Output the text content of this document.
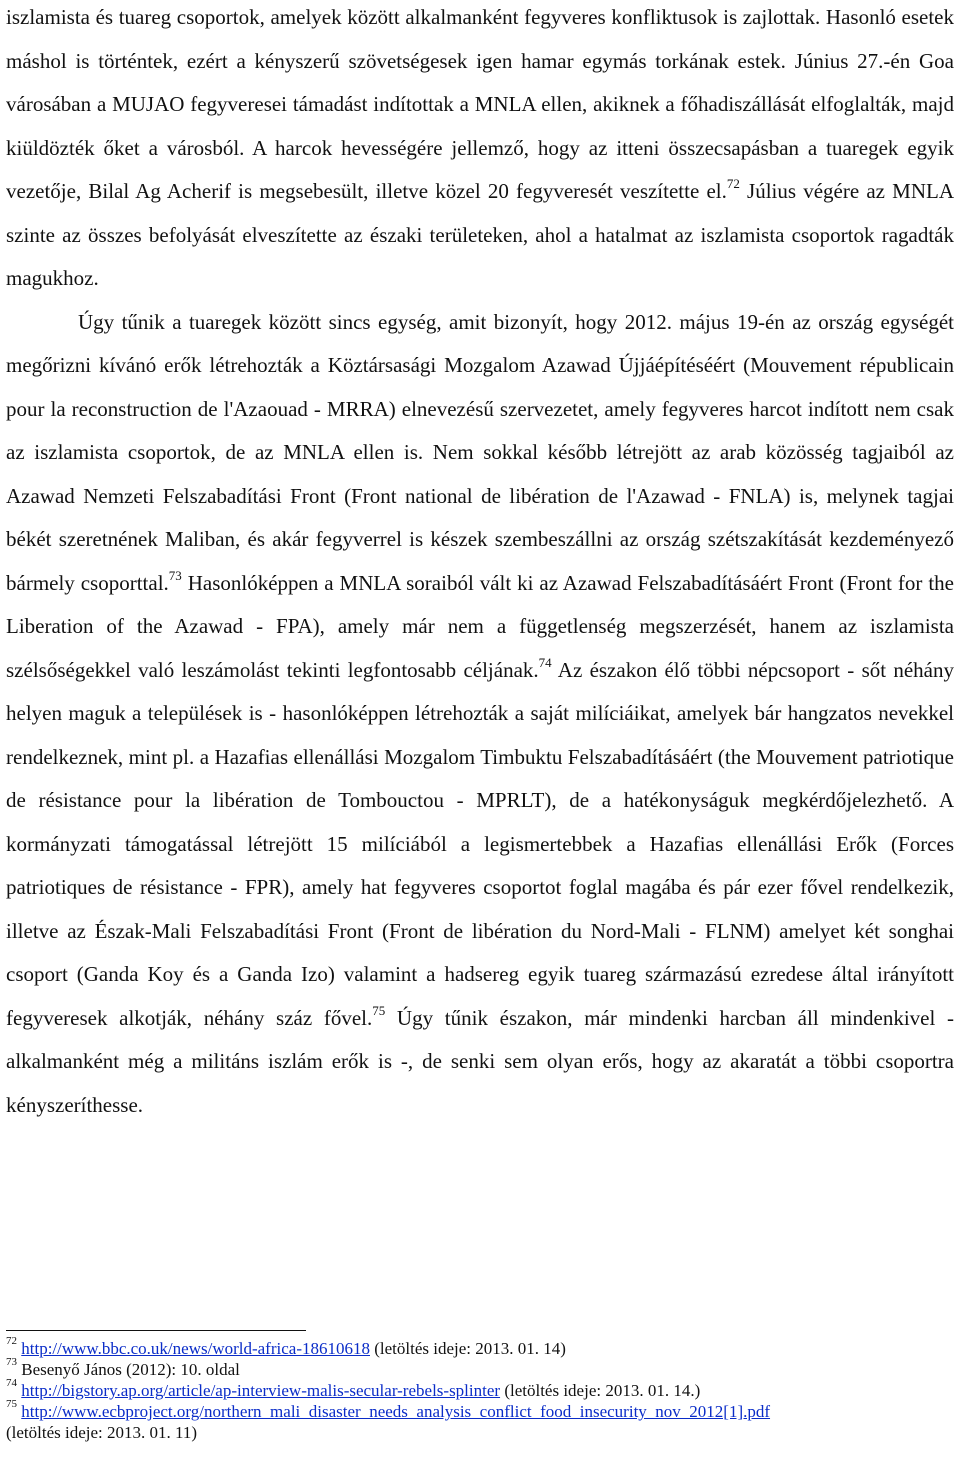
iszlamista és tuareg csoportok, amelyek között alkalmanként fegyveres konfliktusok is zajlottak. Hasonló esetek máshol is történtek, ezért a kényszerű szövetségesek igen hamar egymás torkának estek. Június 27.-én Goa városában a MUJAO fegyveresei támadást indítottak a MNLA ellen, akiknek a főhadiszállását elfoglalták, majd kiüldözték őket a városból. A harcok hevességére jellemző, hogy az itteni összecsapásban a tuaregek egyik vezetője, Bilal Ag Acherif is megsebesült, illetve közel 20 fegyveresét veszítette el.$^{72}$ Július végére az MNLA szinte az összes befolyását elveszítette az északi területeken, ahol a hatalmat az iszlamista csoportok ragadták magukhoz.

Úgy tűnik a tuaregek között sincs egység, amit bizonyít, hogy 2012. május 19-én az ország egységét megőrizni kívánó erők létrehozták a Köztársasági Mozgalom Azawad Újjáépítéséért (Mouvement républicain pour la reconstruction de l'Azaouad - MRRA) elnevezésű szervezetet, amely fegyveres harcot indított nem csak az iszlamista csoportok, de az MNLA ellen is. Nem sokkal később létrejött az arab közösség tagjaiból az Azawad Nemzeti Felszabadítási Front (Front national de libération de l'Azawad - FNLA) is, melynek tagjai békét szeretnének Maliban, és akár fegyverrel is készek szembeszállni az ország szétszakítását kezdeményező bármely csoporttal.$^{73}$ Hasonlóképpen a MNLA soraiból vált ki az Azawad Felszabadításáért Front (Front for the Liberation of the Azawad - FPA), amely már nem a függetlenség megszerzését, hanem az iszlamista szélsőségekkel való leszámolást tekinti legfontosabb céljának.$^{74}$ Az északon élő többi népcsoport - sőt néhány helyen maguk a települések is - hasonlóképpen létrehozták a saját milíciáikat, amelyek bár hangzatos nevekkel rendelkeznek, mint pl. a Hazafias ellenállási Mozgalom Timbuktu Felszabadításáért (the Mouvement patriotique de résistance pour la libération de Tombouctou - MPRLT), de a hatékonyságuk megkérdőjelezhető. A kormányzati támogatással létrejött 15 milíciából a legismertebbek a Hazafias ellenállási Erők (Forces patriotiques de résistance - FPR), amely hat fegyveres csoportot foglal magába és pár ezer fővel rendelkezik, illetve az Észak-Mali Felszabadítási Front (Front de libération du Nord-Mali - FLNM) amelyet két songhai csoport (Ganda Koy és a Ganda Izo) valamint a hadsereg egyik tuareg származású ezredese által irányított fegyveresek alkotják, néhány száz fővel.$^{75}$ Úgy tűnik északon, már mindenki harcban áll mindenkivel - alkalmanként még a militáns iszlám erők is -, de senki sem olyan erős, hogy az akaratát a többi csoportra kényszeríthesse.

$^{72}$ http://www.bbc.co.uk/news/world-africa-18610618 (letöltés ideje: 2013. 01. 14)

$^{73}$ Besenyő János (2012): 10. oldal

$^{74}$ http://bigstory.ap.org/article/ap-interview-malis-secular-rebels-splinter (letöltés ideje: 2013. 01. 14.)

$^{75}$ http://www.ecbproject.org/northern_mali_disaster_needs_analysis_conflict_food_insecurity_nov_2012[1].pdf

(letöltés ideje: 2013. 01. 11)
